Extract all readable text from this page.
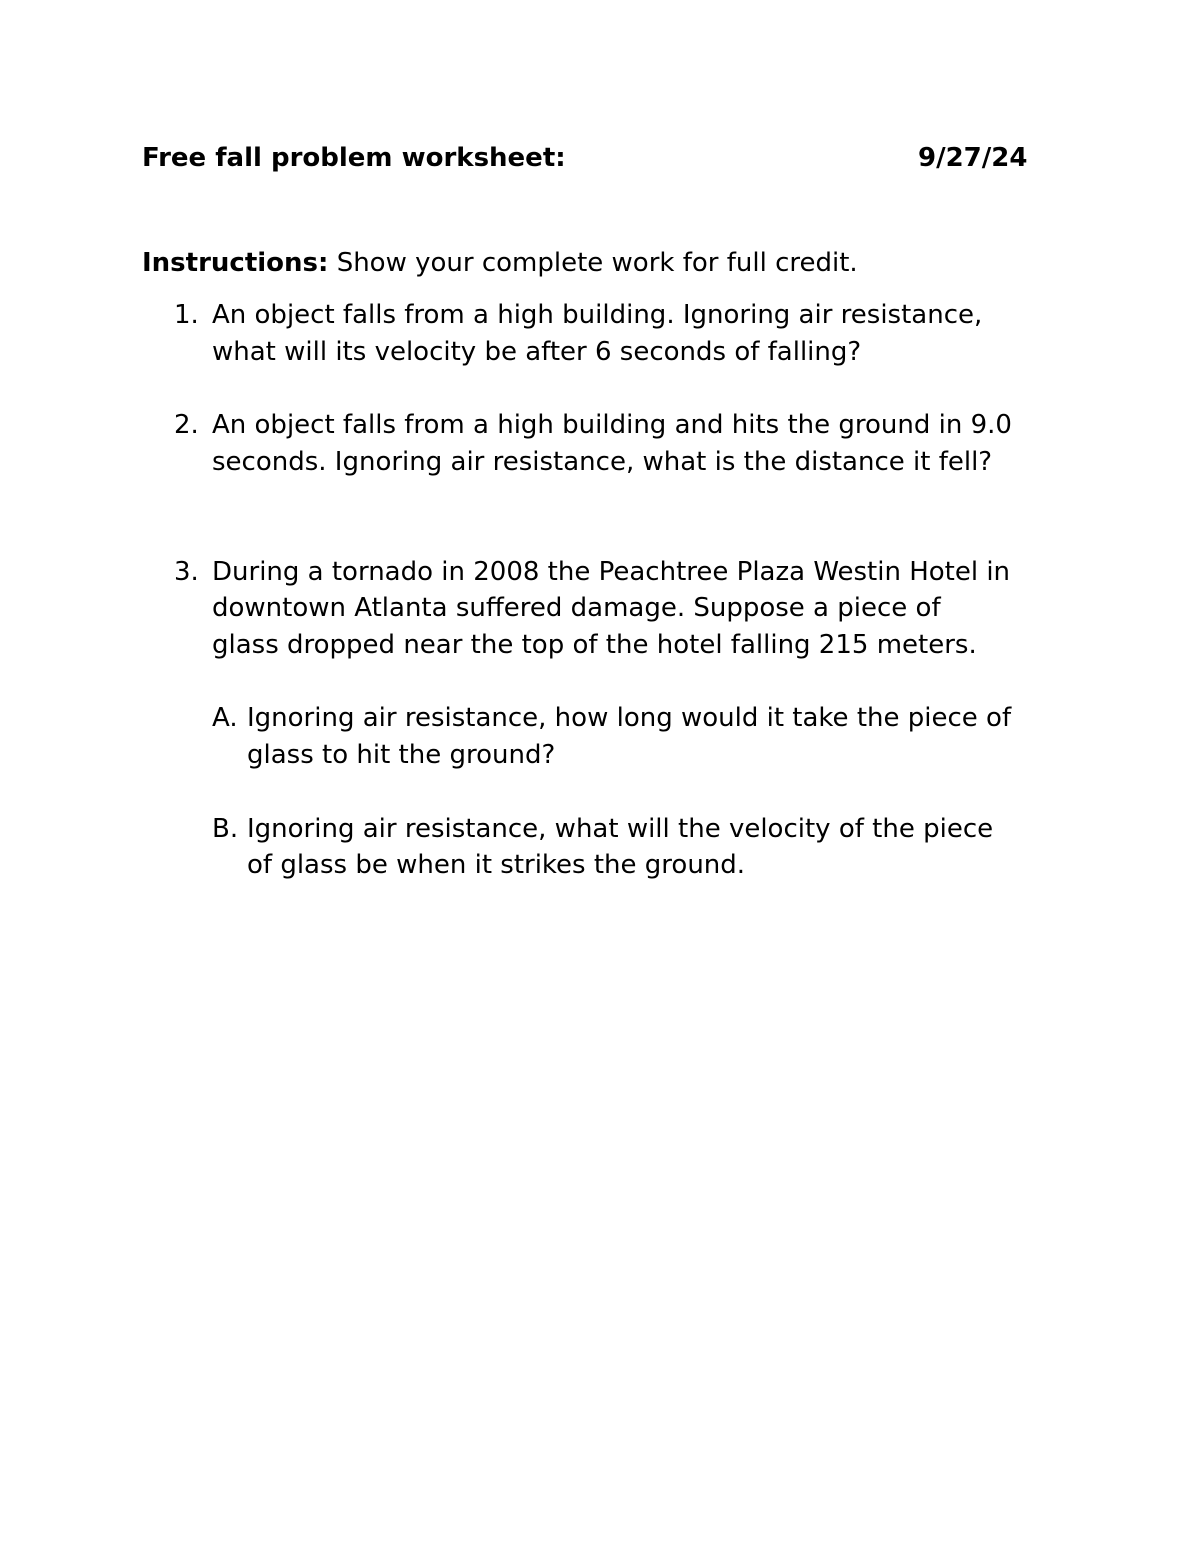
Free fall problem worksheet:	9/27/24
Instructions: Show your complete work for full credit.
1. An object falls from a high building. Ignoring air resistance,
what will its velocity be after 6 seconds of falling?
2. An object falls from a high building and hits the ground in 9.0
seconds. Ignoring air resistance, what is the distance it fell?
3. During a tornado in 2008 the Peachtree Plaza Westin Hotel in
downtown Atlanta suffered damage. Suppose a piece of
glass dropped near the top of the hotel falling 215 meters.
A. Ignoring air resistance, how long would it take the piece of
glass to hit the ground?
B. Ignoring air resistance, what will the velocity of the piece
of glass be when it strikes the ground.
